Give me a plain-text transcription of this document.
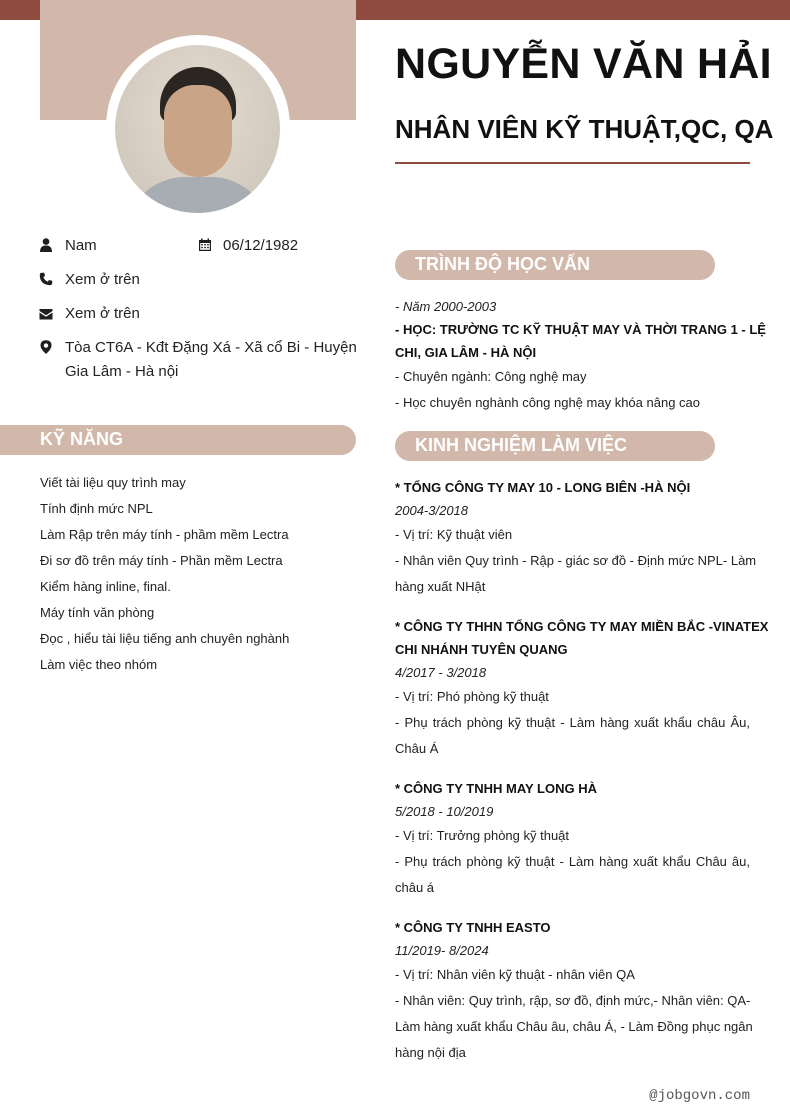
NGUYỄN VĂN HẢI
NHÂN VIÊN KỸ THUẬT,QC, QA
Nam	06/12/1982
Xem ở trên
Xem ở trên
Tòa CT6A - Kđt Đặng Xá - Xã cổ Bi - Huyện
Gia Lâm - Hà nội
KỸ NĂNG
Viết tài liệu quy trình may
Tính định mức NPL
Làm Rập trên máy tính - phầm mềm Lectra
Đi sơ đồ trên máy tính - Phần mềm Lectra
Kiểm hàng inline, final.
Máy tính văn phòng
Đọc , hiểu tài liệu tiếng anh chuyên nghành
Làm việc theo nhóm
TRÌNH ĐỘ HỌC VẤN
- Năm 2000-2003
- HỌC: TRƯỜNG TC KỸ THUẬT MAY VÀ THỜI TRANG 1 - LỆ
CHI, GIA LÂM - HÀ NỘI
- Chuyên ngành: Công nghệ may
- Học chuyên nghành công nghệ may khóa nâng cao
KINH NGHIỆM LÀM VIỆC
* TỔNG CÔNG TY MAY 10 - LONG BIÊN -HÀ NỘI
2004-3/2018
- Vị trí: Kỹ thuật viên
- Nhân viên Quy trình - Rập - giác sơ đồ - Định mức NPL- Làm
hàng xuất NHật
* CÔNG TY THHN TỔNG CÔNG TY MAY MIỀN BẮC -VINATEX
CHI NHÁNH TUYÊN QUANG
4/2017 - 3/2018
- Vị trí: Phó phòng kỹ thuật
- Phụ trách phòng kỹ thuật - Làm hàng xuất khẩu châu Âu,
Châu Á
* CÔNG TY TNHH MAY LONG HÀ
5/2018 - 10/2019
- Vị trí: Trưởng phòng kỹ thuật
- Phụ trách phòng kỹ thuật - Làm hàng xuất khẩu Châu âu,
châu á
* CÔNG TY TNHH EASTO
11/2019- 8/2024
- Vị trí: Nhân viên kỹ thuật - nhân viên QA
- Nhân viên: Quy trình, rập, sơ đồ, định mức,- Nhân viên: QA-
Làm hàng xuất khẩu Châu âu, châu Á, - Làm Đồng phục ngân
hàng nội địa
@jobgovn.com
